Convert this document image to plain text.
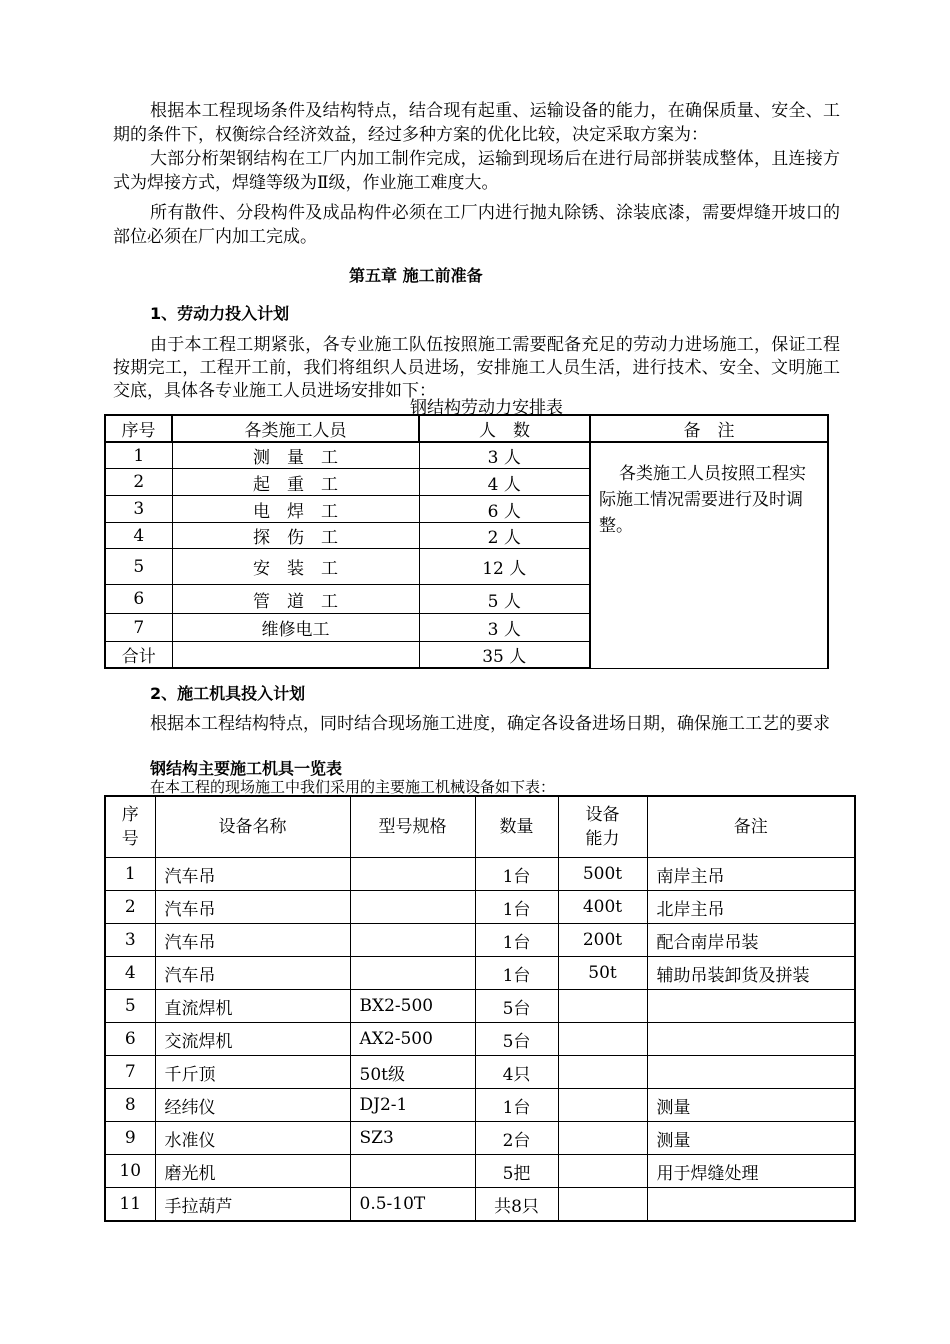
根据本工程现场条件及结构特点，结合现有起重、运输设备的能力，在确保质量、安全、工期的条件下，权衡综合经济效益，经过多种方案的优化比较，决定采取方案为：

大部分桁架钢结构在工厂内加工制作完成，运输到现场后在进行局部拼装成整体，且连接方式为焊接方式，焊缝等级为Ⅱ级，作业施工难度大。

所有散件、分段构件及成品构件必须在工厂内进行抛丸除锈、涂装底漆，需要焊缝开坡口的部位必须在厂内加工完成。

第五章 施工前准备

1、劳动力投入计划

由于本工程工期紧张，各专业施工队伍按照施工需要配备充足的劳动力进场施工，保证工程按期完工，工程开工前，我们将组织人员进场，安排施工人员生活，进行技术、安全、文明施工交底，具体各专业施工人员进场安排如下：

钢结构劳动力安排表

序号	各类施工人员	人　数	备　注
1	测　量　工	3 人	各类施工人员按照工程实际施工情况需要进行及时调整。
2	起　重　工	4 人	
3	电　焊　工	6 人	
4	探　伤　工	2 人	
5	安　装　工	12 人	
6	管　道　工	5 人	
7	维修电工	3 人	
合计		35 人	

2、施工机具投入计划

根据本工程结构特点，同时结合现场施工进度，确定各设备进场日期，确保施工工艺的要求

钢结构主要施工机具一览表

在本工程的现场施工中我们采用的主要施工机械设备如下表：

序号	设备名称	型号规格	数量	设备能力	备注
1	汽车吊		1台	500t	南岸主吊
2	汽车吊		1台	400t	北岸主吊
3	汽车吊		1台	200t	配合南岸吊装
4	汽车吊		1台	50t	辅助吊装卸货及拼装
5	直流焊机	BX2-500	5台		
6	交流焊机	AX2-500	5台		
7	千斤顶	50t级	4只		
8	经纬仪	DJ2-1	1台		测量
9	水准仪	SZ3	2台		测量
10	磨光机		5把		用于焊缝处理
11	手拉葫芦	0.5-10T	共8只		
